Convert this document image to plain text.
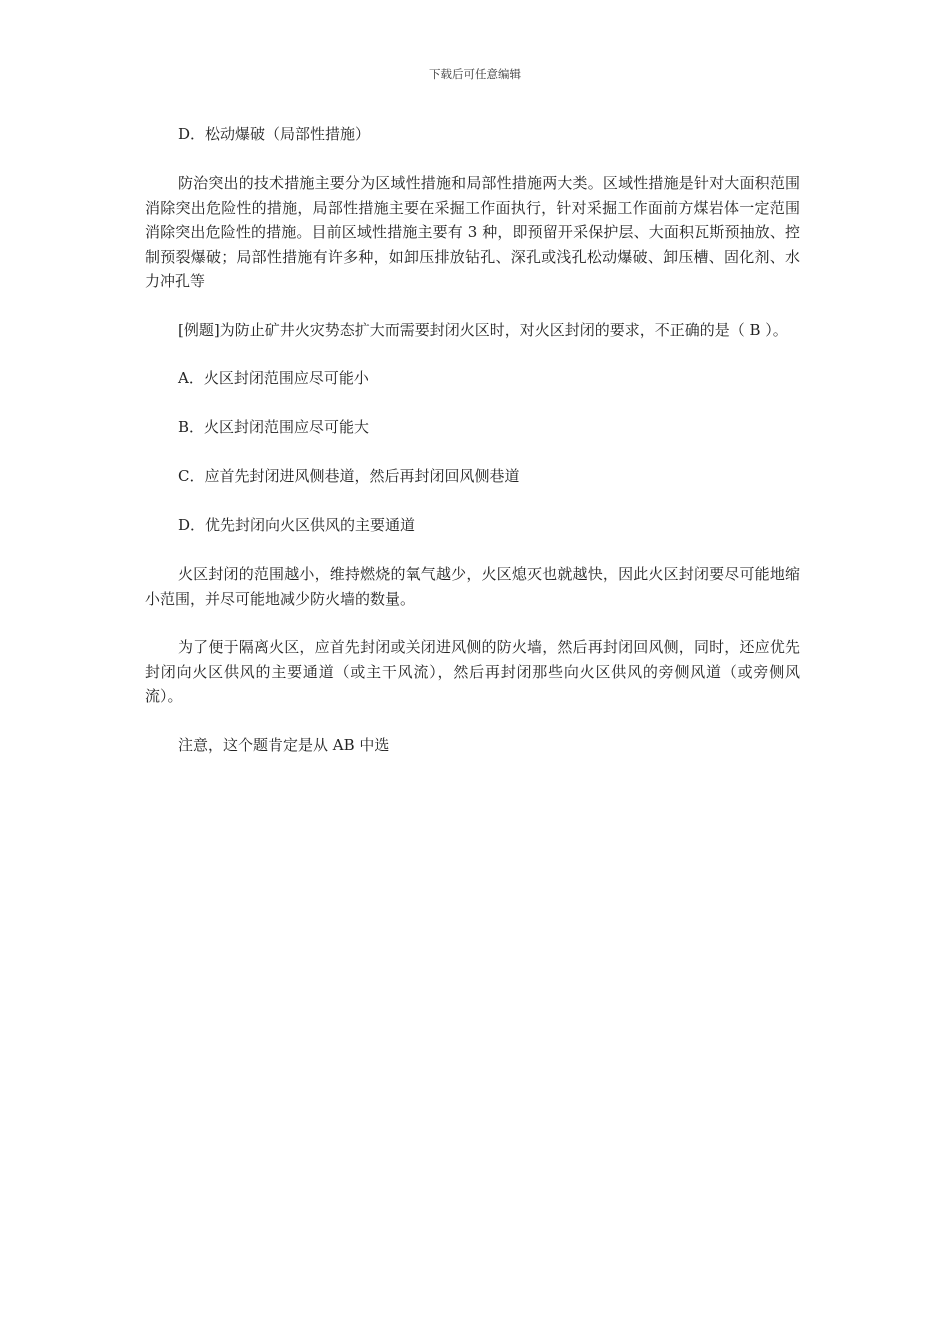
下载后可任意编辑

D．松动爆破（局部性措施）

防治突出的技术措施主要分为区域性措施和局部性措施两大类。区域性措施是针对大面积范围消除突出危险性的措施，局部性措施主要在采掘工作面执行，针对采掘工作面前方煤岩体一定范围消除突出危险性的措施。目前区域性措施主要有 3 种，即预留开采保护层、大面积瓦斯预抽放、控制预裂爆破；局部性措施有许多种，如卸压排放钻孔、深孔或浅孔松动爆破、卸压槽、固化剂、水力冲孔等

[例题]为防止矿井火灾势态扩大而需要封闭火区时，对火区封闭的要求，不正确的是（ B ）。

A．火区封闭范围应尽可能小

B．火区封闭范围应尽可能大

C．应首先封闭进风侧巷道，然后再封闭回风侧巷道

D．优先封闭向火区供风的主要通道

火区封闭的范围越小，维持燃烧的氧气越少，火区熄灭也就越快，因此火区封闭要尽可能地缩小范围，并尽可能地减少防火墙的数量。

为了便于隔离火区，应首先封闭或关闭进风侧的防火墙，然后再封闭回风侧，同时，还应优先封闭向火区供风的主要通道（或主干风流），然后再封闭那些向火区供风的旁侧风道（或旁侧风流）。

注意，这个题肯定是从 AB 中选
